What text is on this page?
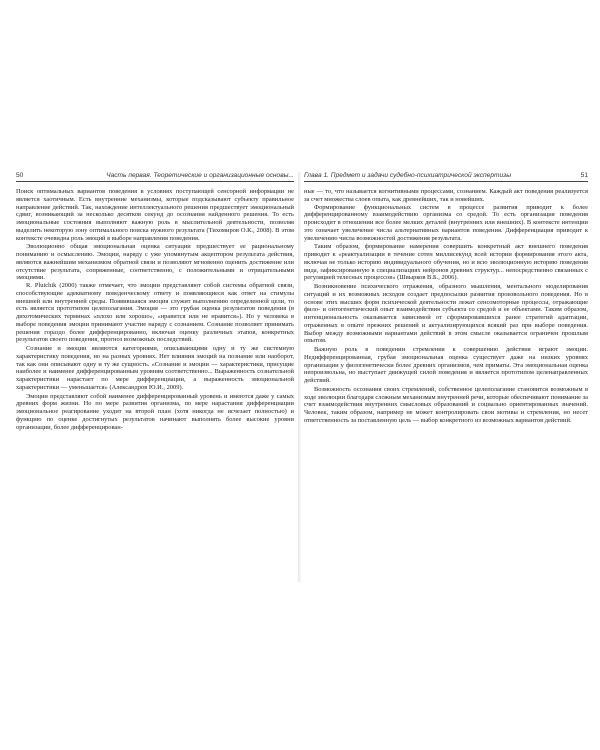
50	Часть первая. Теоретические и организационные основы...

Поиск оптимальных вариантов поведения в условиях поступающей сенсорной информации не является хаотичным. Есть внутренние механизмы, которые подсказывают субъекту правильное направление действий. Так, нахождение интеллектуального решения предшествует эмоциональный сдвиг, возникающий за несколько десятков секунд до осознания найденного решения. То есть эмоциональные состояния выполняют важную роль в мыслительной деятельности, позволяя выделить некоторую зону оптимального поиска нужного результата (Тихомиров О.К., 2008). В этом контексте очевидна роль эмоций в выборе направления поведения.

Эволюционно общая эмоциональная оценка ситуации предшествует ее рациональному пониманию и осмыслению. Эмоции, наряду с уже упомянутым акцептором результата действия, являются важнейшим механизмом обратной связи и позволяют мгновенно оценить достижение или отсутствие результата, сопряженные, соответственно, с положительными и отрицательными эмоциями.

R. Plutchik (2000) также отмечает, что эмоции представляют собой системы обратной связи, способствующие адекватному поведенческому ответу и появляющиеся как ответ на стимулы внешней или внутренней среды. Появившаяся эмоция служит выполнению определенной цели, то есть является прототипом целеполагания. Эмоция — это грубая оценка результатов поведения (в дихотомических терминах «плохо или хорошо», «нравится или не нравится»). Но у человека в выборе поведения эмоции принимают участие наряду с сознанием. Сознание позволяет принимать решения гораздо более дифференцированно, включая оценку различных этапов, конкретных результатов своего поведения, прогноз возможных последствий.

Сознание и эмоции являются категориями, описывающими одну и ту же системную характеристику поведения, но на разных уровнях. Нет влияния эмоций на познание или наоборот, так как они описывают одну и ту же сущность. «Сознание и эмоции — характеристики, присущие наиболее и наименее дифференцированным уровням соответственно... Выраженность сознательной характеристики нарастает по мере дифференциации, а выраженность эмоциональной характеристики — уменьшается» (Александров Ю.И., 2009).

Эмоции представляют собой наименее дифференцированный уровень и имеются даже у самых древних форм жизни. Но по мере развития организма, по мере нарастания дифференциации эмоциональное реагирование уходит на второй план (хотя никогда не исчезает полностью) и функцию по оценке достигнутых результатов начинают выполнять более высокие уровни организации, более дифференцирован-

Глава 1. Предмет и задачи судебно-психиатрической экспертизы	51

ные — то, что называется когнитивными процессами, сознанием. Каждый акт поведения реализуется за счет множества слоев опыта, как древнейших, так и новейших.

Формирование функциональных систем в процессе развития приводит к более дифференцированному взаимодействию организма со средой. То есть организация поведения происходит в отношении все более мелких деталей (внутренних или внешних). В контексте интенции это означает увеличение числа альтернативных вариантов поведения. Дифференциация приводит к увеличению числа возможностей достижения результата.

Таким образом, формирование намерения совершить конкретный акт внешнего поведения приводит к «реактуализации в течение сотен миллисекунд всей истории формирования этого акта, включая не только историю индивидуального обучения, но и всю эволюционную историю поведения вида, зафиксированную в специализациях нейронов древних структур... непосредственно связанных с регуляцией телесных процессов» (Швырков В.Б., 2006).

Возникновение психического отражения, образного мышления, ментального моделирования ситуаций и их возможных исходов создает предпосылки развития произвольного поведения. Но в основе этих высших форм психической деятельности лежат сенсомоторные процессы, отражающие фило- и онтогенетический опыт взаимодействия субъекта со средой и ее объектами. Таким образом, интенциональность оказывается зависимой от сформировавшихся ранее стратегий адаптации, отраженных в опыте прежних решений и актуализирующихся всякий раз при выборе поведения. Выбор между возможными вариантами действий в этом смысле оказывается ограничен прошлым опытом.

Важную роль в поведении стремления к совершению действия играют эмоции. Недифференцированная, грубая эмоциональная оценка существует даже на низких уровнях организации у филогенетически более древних организмов, чем приматы. Эта эмоциональная оценка непроизвольна, но выступает движущей силой поведения и является прототипом целенаправленных действий.

Возможность осознания своих стремлений, собственное целеполагание становится возможным в ходе эволюции благодаря сложным механизмам внутренней речи, которые обеспечивают понимание за счет взаимодействия внутренних смысловых образований и социально ориентированных значений. Человек, таким образом, например не может контролировать свои мотивы и стремления, но несет ответственность за поставленную цель — выбор конкретного из возможных вариантов действий.
